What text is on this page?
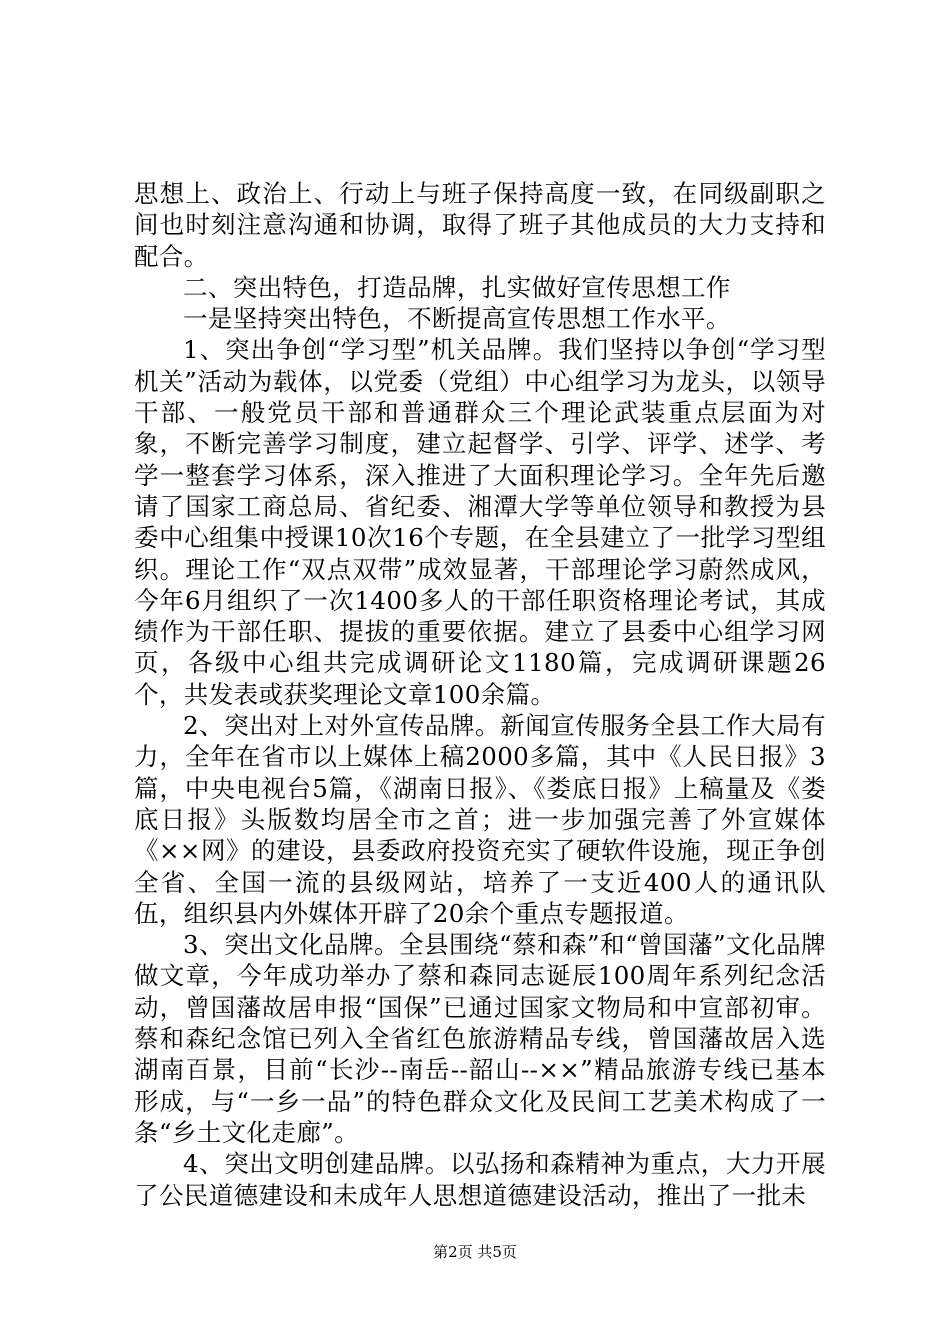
思想上、政治上、行动上与班子保持高度一致，在同级副职之间也时刻注意沟通和协调，取得了班子其他成员的大力支持和配合。

二、突出特色，打造品牌，扎实做好宣传思想工作

一是坚持突出特色，不断提高宣传思想工作水平。

1、突出争创“学习型”机关品牌。我们坚持以争创“学习型机关”活动为载体，以党委（党组）中心组学习为龙头，以领导干部、一般党员干部和普通群众三个理论武装重点层面为对象，不断完善学习制度，建立起督学、引学、评学、述学、考学一整套学习体系，深入推进了大面积理论学习。全年先后邀请了国家工商总局、省纪委、湘潭大学等单位领导和教授为县委中心组集中授课10次16个专题，在全县建立了一批学习型组织。理论工作“双点双带”成效显著，干部理论学习蔚然成风，今年6月组织了一次1400多人的干部任职资格理论考试，其成绩作为干部任职、提拔的重要依据。建立了县委中心组学习网页，各级中心组共完成调研论文1180篇，完成调研课题26个，共发表或获奖理论文章100余篇。

2、突出对上对外宣传品牌。新闻宣传服务全县工作大局有力，全年在省市以上媒体上稿2000多篇，其中《人民日报》3篇，中央电视台5篇，《湖南日报》、《娄底日报》上稿量及《娄底日报》头版数均居全市之首；进一步加强完善了外宣媒体《××网》的建设，县委政府投资充实了硬软件设施，现正争创全省、全国一流的县级网站，培养了一支近400人的通讯队伍，组织县内外媒体开辟了20余个重点专题报道。

3、突出文化品牌。全县围绕“蔡和森”和“曾国藩”文化品牌做文章，今年成功举办了蔡和森同志诞辰100周年系列纪念活动，曾国藩故居申报“国保”已通过国家文物局和中宣部初审。蔡和森纪念馆已列入全省红色旅游精品专线，曾国藩故居入选湖南百景，目前“长沙--南岳--韶山--××”精品旅游专线已基本形成，与“一乡一品”的特色群众文化及民间工艺美术构成了一条“乡土文化走廊”。

4、突出文明创建品牌。以弘扬和森精神为重点，大力开展了公民道德建设和未成年人思想道德建设活动，推出了一批未

第2页 共5页
